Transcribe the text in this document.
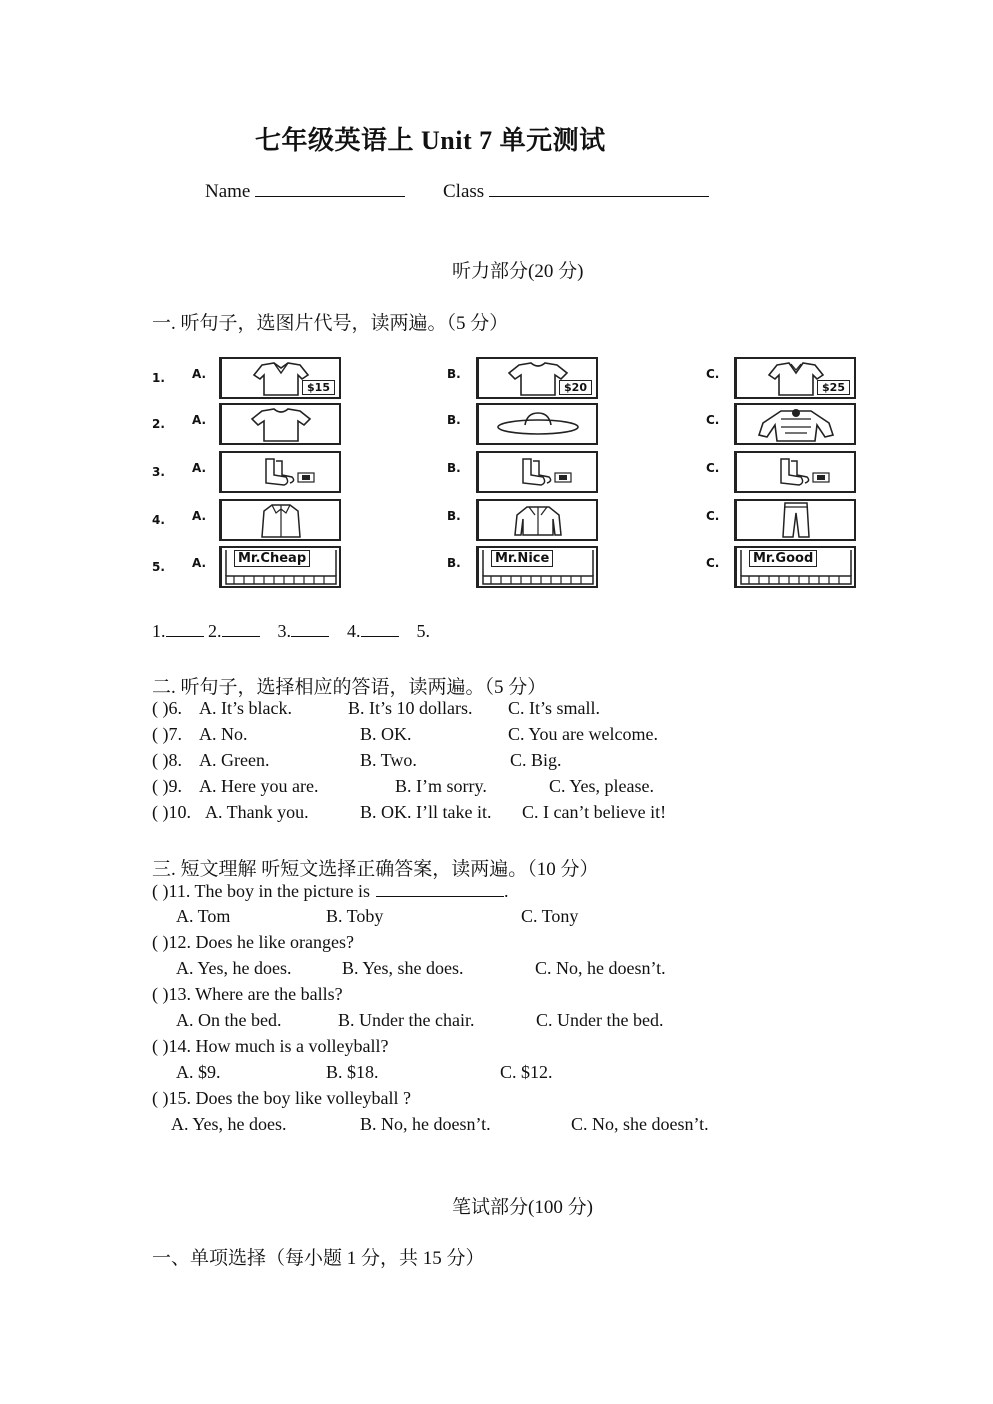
七年级英语上 Unit 7 单元测试
Name	Class
听力部分(20 分)
一. 听句子，选图片代号，读两遍。（5 分）
1. A.
$15
B.
$20
C.
$25
2. A.	B.	C.
3. A.	B.	C.
4. A.	B.	C.
5. A.	Mr.Cheap	B.	Mr.Nice	C.	Mr.Good
1. 2.	3.	4.	5.
二. 听句子，选择相应的答语，读两遍。（5 分）
( )6. A. It’s black.	B. It’s 10 dollars. C. It’s small.
( )7. A. No.	B. OK.	C. You are welcome.
( )8. A. Green.	B. Two.	C. Big.
( )9. A. Here you are.	B. I’m sorry.	C. Yes, please.
( )10. A. Thank you.	B. OK. I’ll take it. C. I can’t believe it!
三. 短文理解 听短文选择正确答案，读两遍。（10 分）
( )11. The boy in the picture is	.
A. Tom	B. Toby	C. Tony
( )12. Does he like oranges?
A. Yes, he does.	B. Yes, she does.	C. No, he doesn’t.
( )13. Where are the balls?
A. On the bed.	B. Under the chair.	C. Under the bed.
( )14. How much is a volleyball?
A. $9.	B. $18.	C. $12.
( )15. Does the boy like volleyball ?
A. Yes, he does.	B. No, he doesn’t.	C. No, she doesn’t.
笔试部分(100 分)
一、单项选择（每小题 1 分，共 15 分）
